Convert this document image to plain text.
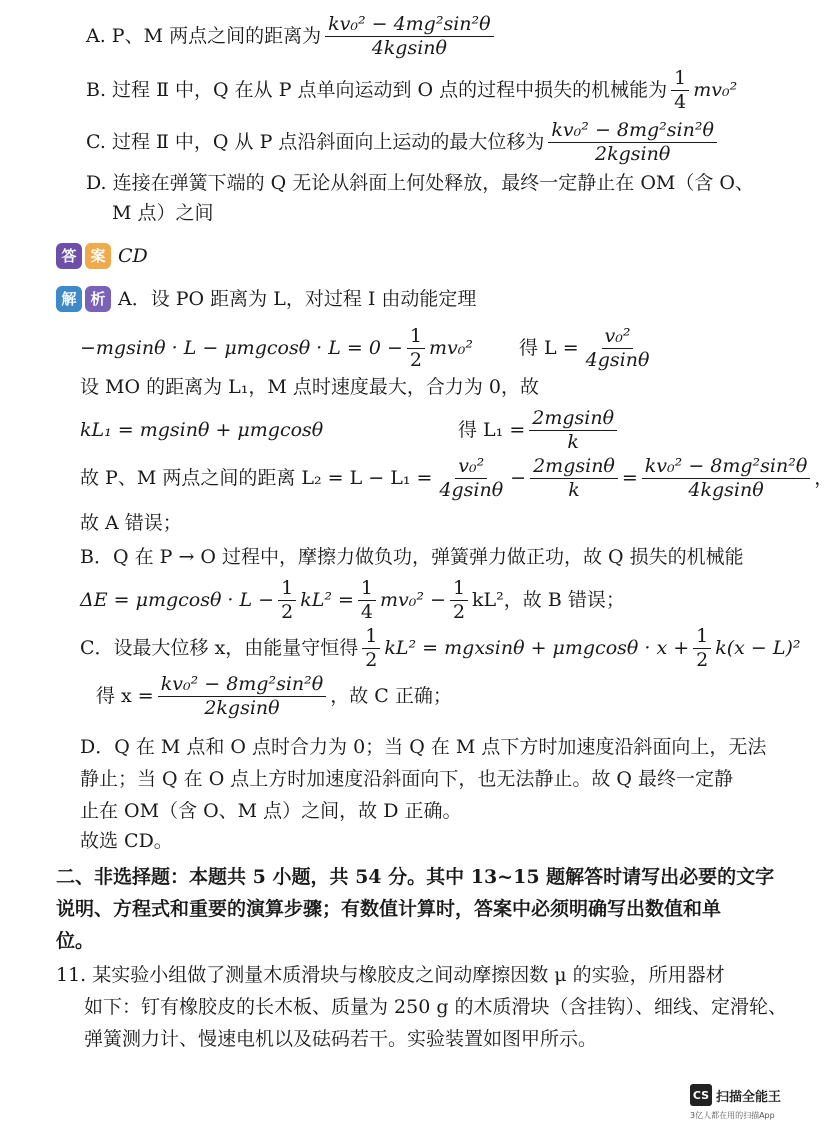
A. P、M 两点之间的距离为 $\frac{\text{kv₀² − 4mg²sin²θ}}{4kgsin\theta}$
B. 过程 Ⅱ 中，Q 在从 P 点单向运动到 O 点的过程中损失的机械能为 $\frac{1}{4} mv_0^2$
C. 过程 Ⅱ 中，Q 从 P 点沿斜面向上运动的最大位移为 $\frac{\text{kv₀² − 8mg²sin²θ}}{2kgsin\theta}$
D. 连接在弹簧下端的 Q 无论从斜面上何处释放，最终一定静止在 OM（含 O、
M 点）之间
答 案 CD
解 析 A．设 PO 距离为 L，对过程 Ⅰ 由动能定理
$-mgsin\theta \cdot L - \mu mgcos\theta \cdot L = 0 - \frac{1}{2} mv_0^2$ 得 $L = \frac{\text{v₀²}}{4gsin\theta}$
设 MO 的距离为 L₁，M 点时速度最大，合力为 0，故
kL₁ = mgsinθ + μmgcosθ	得 $L_1 = \frac{2mgsin\theta}{k}$
故 P、M 两点之间的距离 $L_2 = L - L_1 = \frac{\text{v₀²}}{4gsin\theta} - \frac{2mgsin\theta}{k} = \frac{\text{kv₀² − 8mg²sin²θ}}{4kgsin\theta}$ ，
故 A 错误；
B．Q 在 P → O 过程中，摩擦力做负功，弹簧弹力做正功，故 Q 损失的机械能
$\Delta E = \mu mgcos\theta \cdot L - \frac{1}{2} kL^2 = \frac{1}{4} mv_0^2 - \frac{1}{2} kL^2$，故 B 错误；
C．设最大位移 x，由能量守恒得 $\frac{1}{2} kL^2 = mgxsin\theta + \mu mgcos\theta \cdot x + \frac{1}{2} k(x - L)^2$
得 $x = \frac{\text{kv₀² − 8mg²sin²θ}}{2kgsin\theta}$ ，故 C 正确；
D．Q 在 M 点和 O 点时合力为 0；当 Q 在 M 点下方时加速度沿斜面向上，无法
静止；当 Q 在 O 点上方时加速度沿斜面向下，也无法静止。故 Q 最终一定静
止在 OM（含 O、M 点）之间，故 D 正确。
故选 CD。
二、非选择题：本题共 5 小题，共 54 分。其中 13~15 题解答时请写出必要的文字
说明、方程式和重要的演算步骤；有数值计算时，答案中必须明确写出数值和单
位。
11. 某实验小组做了测量木质滑块与橡胶皮之间动摩擦因数 μ 的实验，所用器材
如下：钉有橡胶皮的长木板、质量为 250 g 的木质滑块（含挂钩）、细线、定滑轮、
弹簧测力计、慢速电机以及砝码若干。实验装置如图甲所示。
CS 扫描全能王
3亿人都在用的扫描App
